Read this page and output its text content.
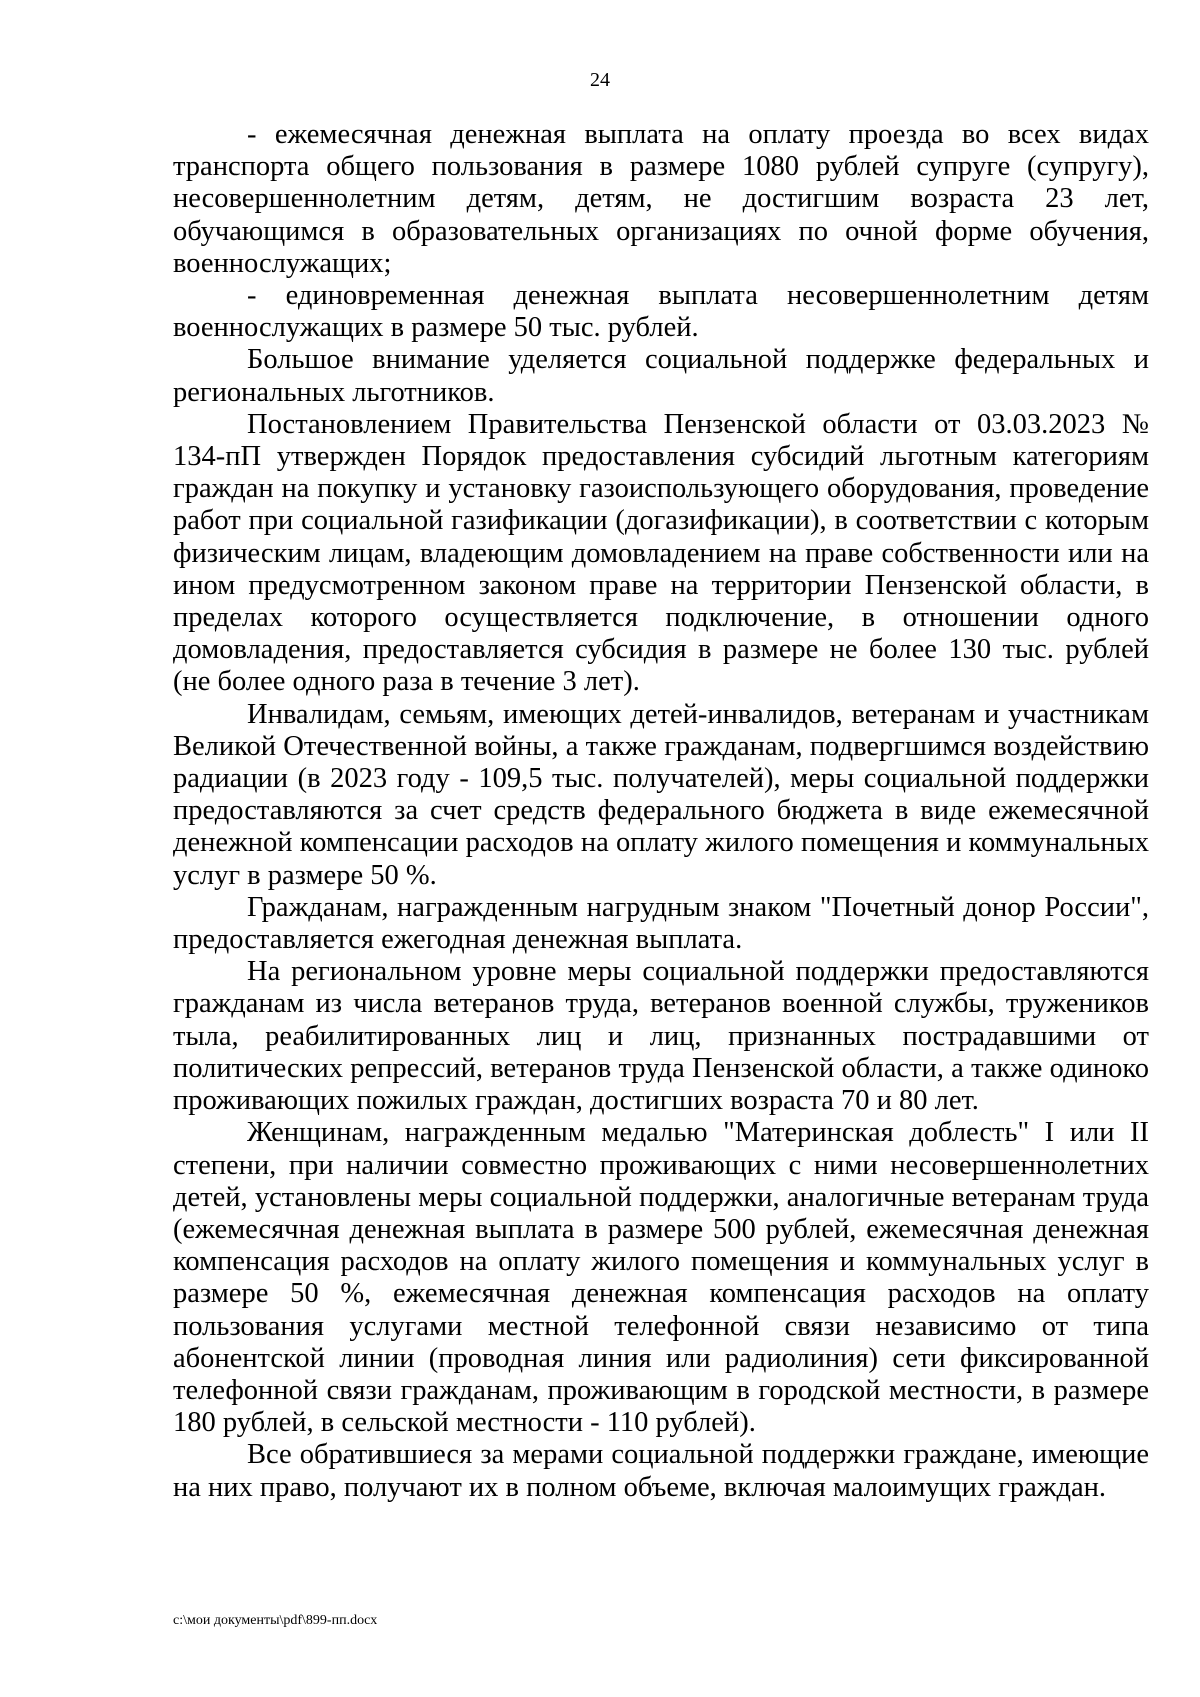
24

- ежемесячная денежная выплата на оплату проезда во всех видах транспорта общего пользования в размере 1080 рублей супруге (супругу), несовершеннолетним детям, детям, не достигшим возраста 23 лет, обучающимся в образовательных организациях по очной форме обучения, военнослужащих;

- единовременная денежная выплата несовершеннолетним детям военнослужащих в размере 50 тыс. рублей.

Большое внимание уделяется социальной поддержке федеральных и региональных льготников.

Постановлением Правительства Пензенской области от 03.03.2023 № 134-пП утвержден Порядок предоставления субсидий льготным категориям граждан на покупку и установку газоиспользующего оборудования, проведение работ при социальной газификации (догазификации), в соответствии с которым физическим лицам, владеющим домовладением на праве собственности или на ином предусмотренном законом праве на территории Пензенской области, в пределах которого осуществляется подключение, в отношении одного домовладения, предоставляется субсидия в размере не более 130 тыс. рублей (не более одного раза в течение 3 лет).

Инвалидам, семьям, имеющих детей-инвалидов, ветеранам и участникам Великой Отечественной войны, а также гражданам, подвергшимся воздействию радиации (в 2023 году - 109,5 тыс. получателей), меры социальной поддержки предоставляются за счет средств федерального бюджета в виде ежемесячной денежной компенсации расходов на оплату жилого помещения и коммунальных услуг в размере 50 %.

Гражданам, награжденным нагрудным знаком "Почетный донор России", предоставляется ежегодная денежная выплата.

На региональном уровне меры социальной поддержки предоставляются гражданам из числа ветеранов труда, ветеранов военной службы, тружеников тыла, реабилитированных лиц и лиц, признанных пострадавшими от политических репрессий, ветеранов труда Пензенской области, а также одиноко проживающих пожилых граждан, достигших возраста 70 и 80 лет.

Женщинам, награжденным медалью "Материнская доблесть" I или II степени, при наличии совместно проживающих с ними несовершеннолетних детей, установлены меры социальной поддержки, аналогичные ветеранам труда (ежемесячная денежная выплата в размере 500 рублей, ежемесячная денежная компенсация расходов на оплату жилого помещения и коммунальных услуг в размере 50 %, ежемесячная денежная компенсация расходов на оплату пользования услугами местной телефонной связи независимо от типа абонентской линии (проводная линия или радиолиния) сети фиксированной телефонной связи гражданам, проживающим в городской местности, в размере 180 рублей, в сельской местности - 110 рублей).

Все обратившиеся за мерами социальной поддержки граждане, имеющие на них право, получают их в полном объеме, включая малоимущих граждан.

c:\мои документы\pdf\899-пп.docx
